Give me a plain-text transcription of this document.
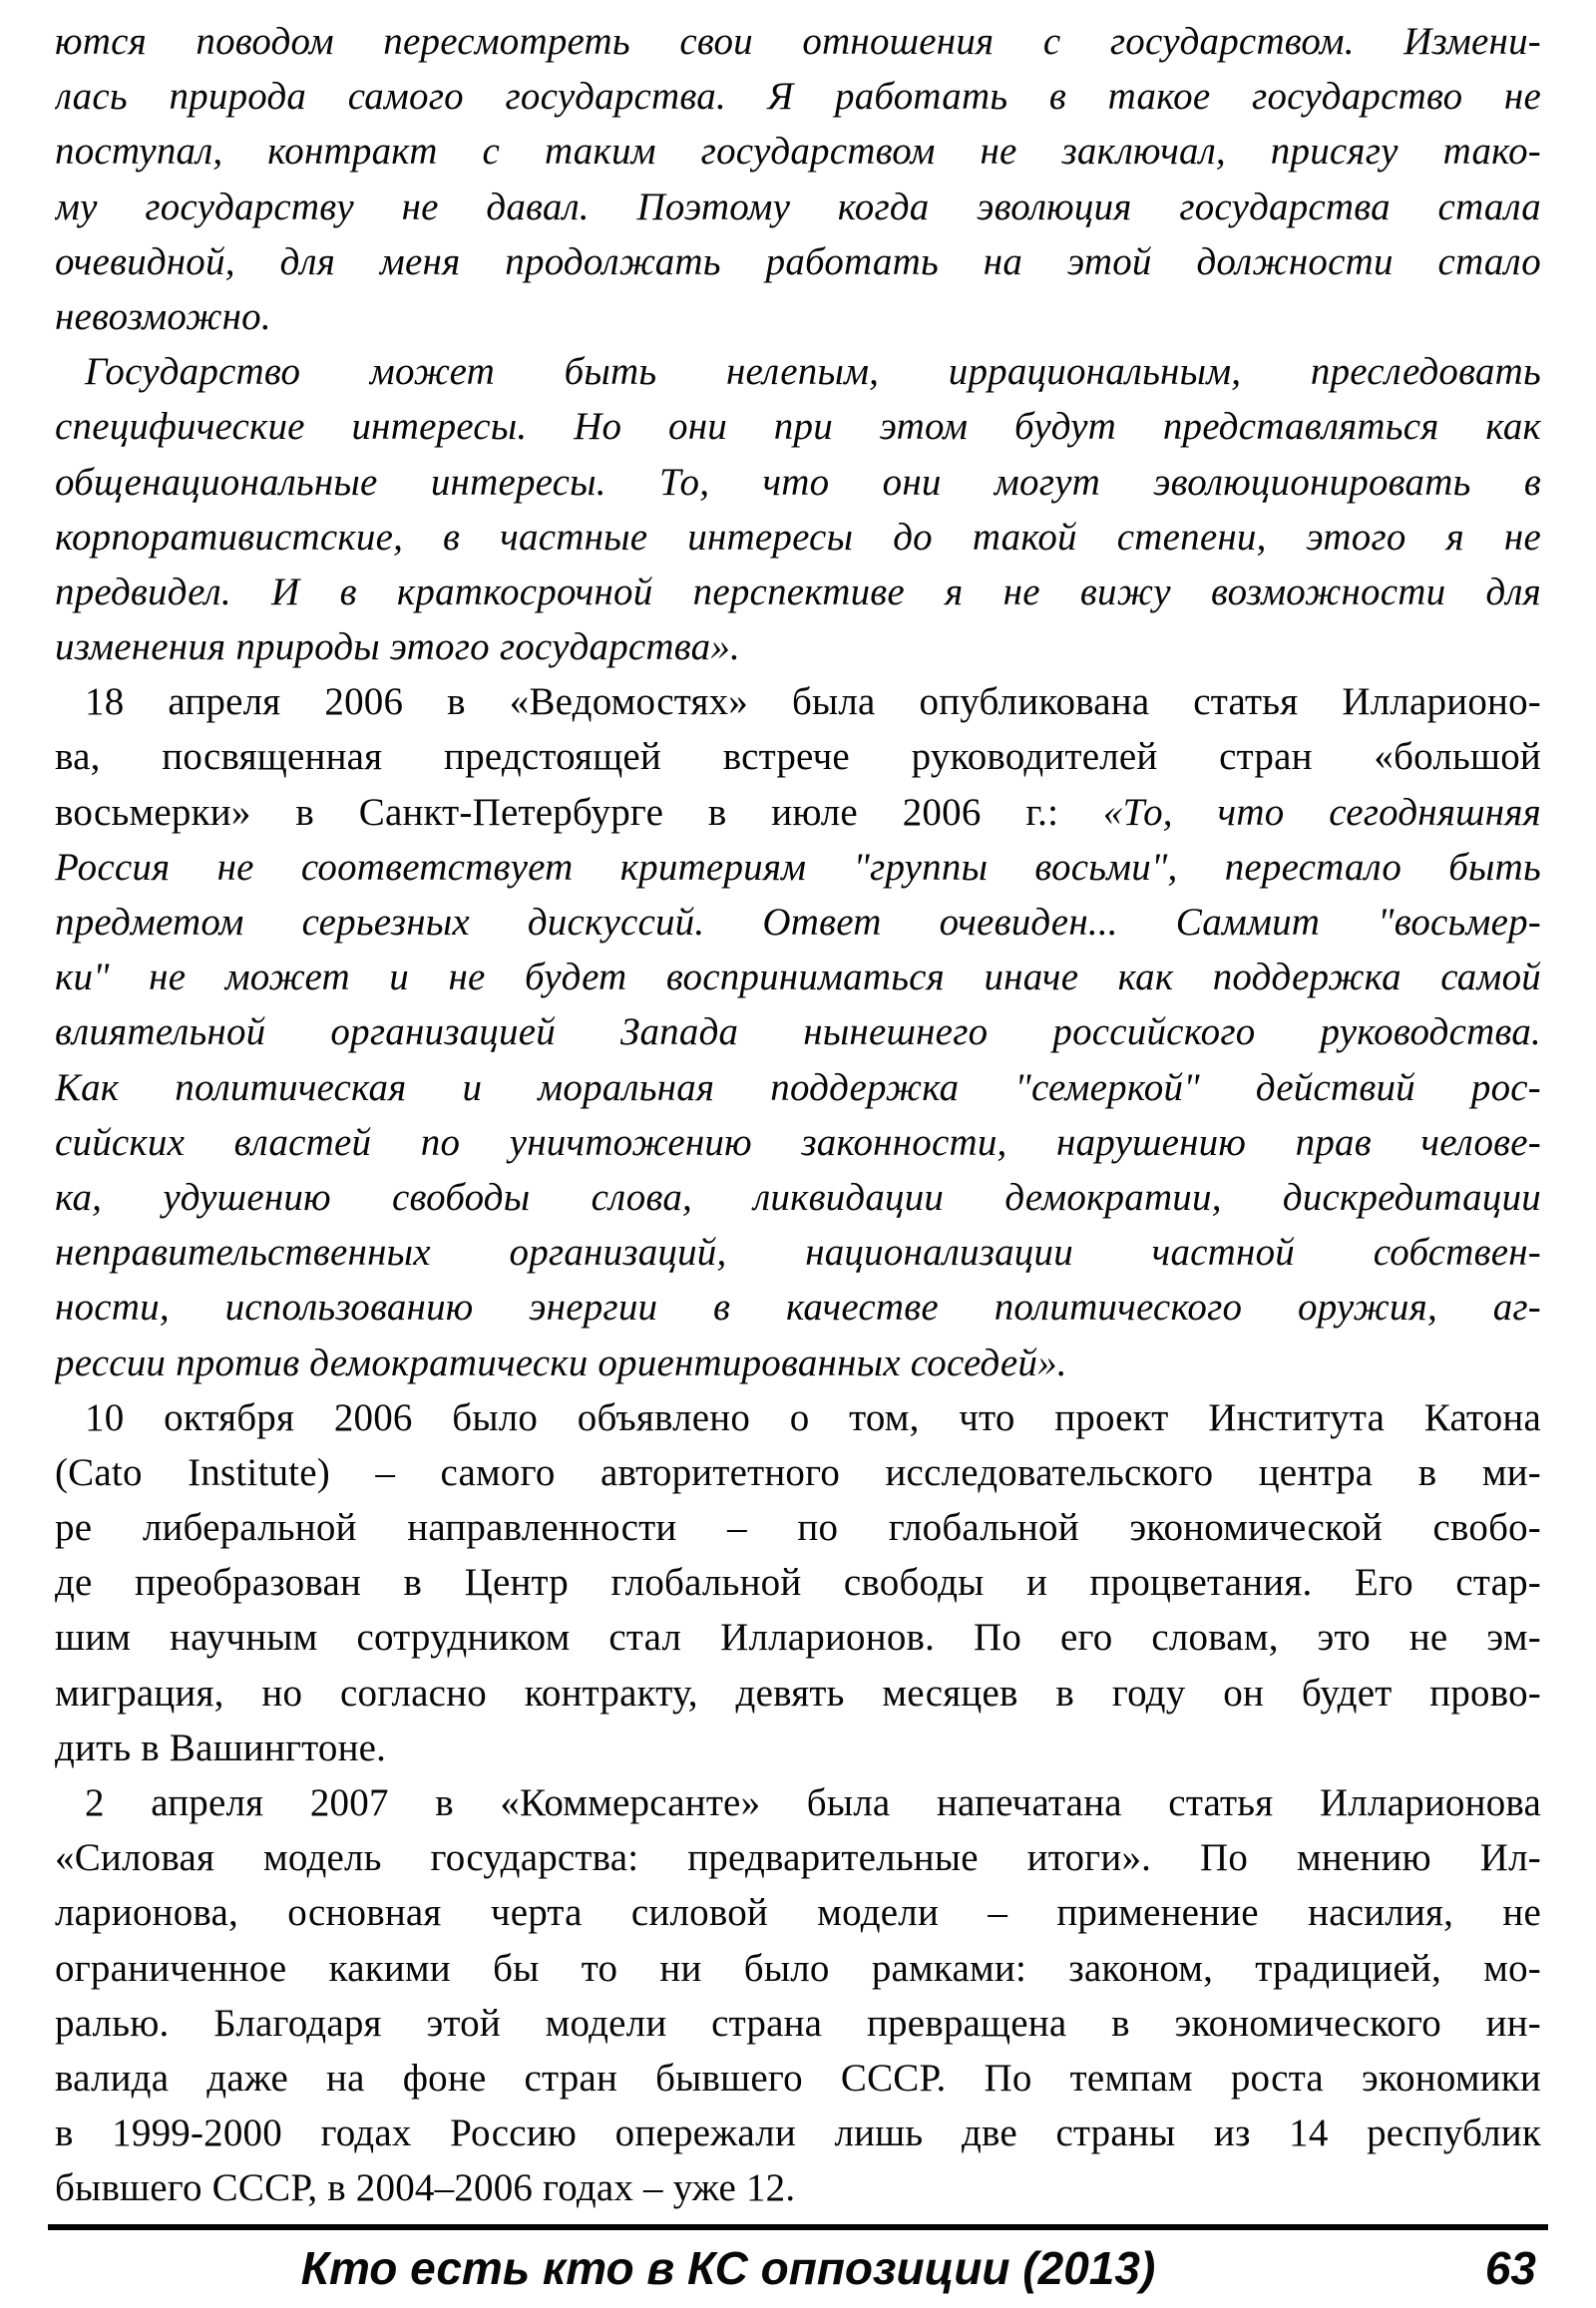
ются поводом пересмотреть свои отношения с государством. Измени-
лась природа самого государства. Я работать в такое государство не
поступал, контракт с таким государством не заключал, присягу тако-
му государству не давал. Поэтому когда эволюция государства стала
очевидной, для меня продолжать работать на этой должности стало
невозможно.
Государство может быть нелепым, иррациональным, преследовать
специфические интересы. Но они при этом будут представляться как
общенациональные интересы. То, что они могут эволюционировать в
корпоративистские, в частные интересы до такой степени, этого я не
предвидел. И в краткосрочной перспективе я не вижу возможности для
изменения природы этого государства».
18 апреля 2006 в «Ведомостях» была опубликована статья Илларионо-
ва, посвященная предстоящей встрече руководителей стран «большой
восьмерки» в Санкт-Петербурге в июле 2006 г.: «То, что сегодняшняя
Россия не соответствует критериям "группы восьми", перестало быть
предметом серьезных дискуссий. Ответ очевиден... Саммит "восьмер-
ки" не может и не будет восприниматься иначе как поддержка самой
влиятельной организацией Запада нынешнего российского руководства.
Как политическая и моральная поддержка "семеркой" действий рос-
сийских властей по уничтожению законности, нарушению прав челове-
ка, удушению свободы слова, ликвидации демократии, дискредитации
неправительственных организаций, национализации частной собствен-
ности, использованию энергии в качестве политического оружия, аг-
рессии против демократически ориентированных соседей».
10 октября 2006 было объявлено о том, что проект Института Катона
(Cato Institute) – самого авторитетного исследовательского центра в ми-
ре либеральной направленности – по глобальной экономической свобо-
де преобразован в Центр глобальной свободы и процветания. Его стар-
шим научным сотрудником стал Илларионов. По его словам, это не эм-
миграция, но согласно контракту, девять месяцев в году он будет прово-
дить в Вашингтоне.
2 апреля 2007 в «Коммерсанте» была напечатана статья Илларионова
«Силовая модель государства: предварительные итоги». По мнению Ил-
ларионова, основная черта силовой модели – применение насилия, не
ограниченное какими бы то ни было рамками: законом, традицией, мо-
ралью. Благодаря этой модели страна превращена в экономического ин-
валида даже на фоне стран бывшего СССР. По темпам роста экономики
в 1999-2000 годах Россию опережали лишь две страны из 14 республик
бывшего СССР, в 2004–2006 годах – уже 12.
Кто есть кто в КС оппозиции (2013)	63
